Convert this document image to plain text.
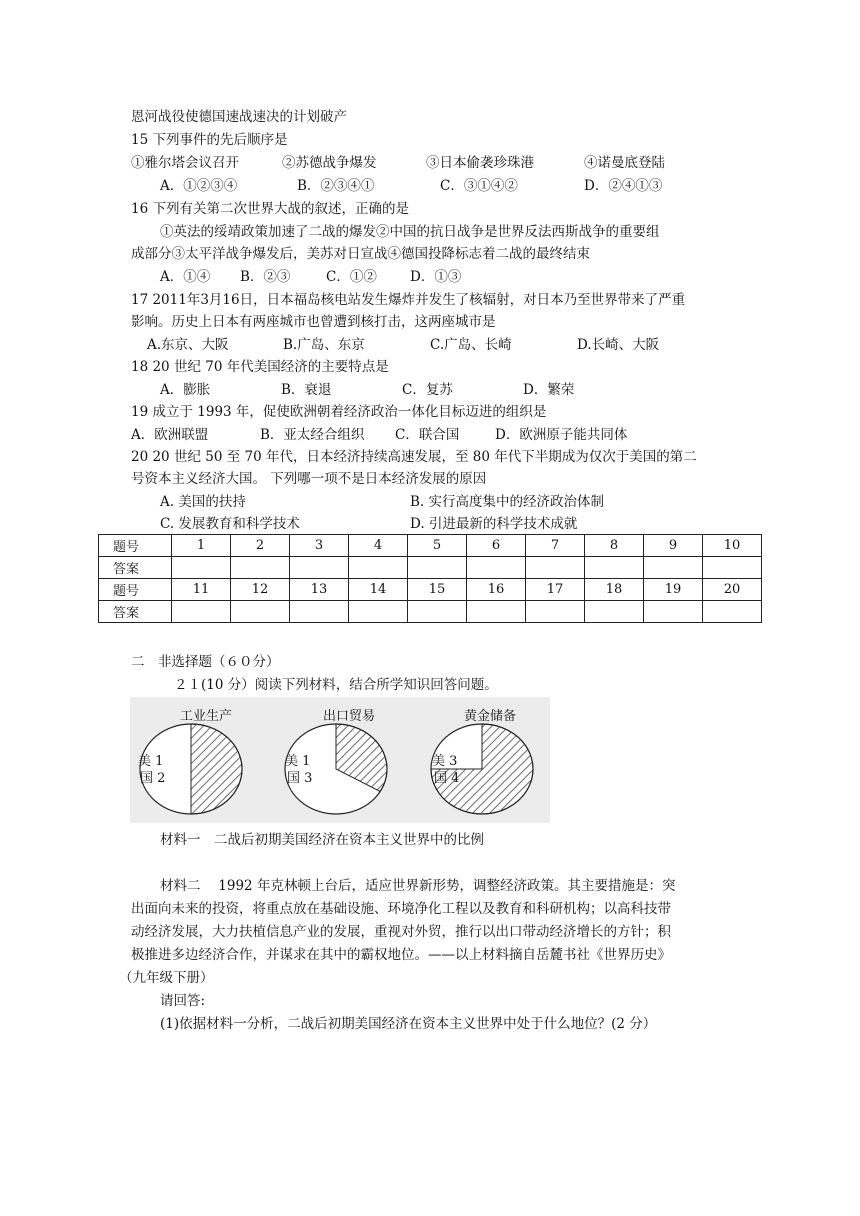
恩河战役使德国速战速决的计划破产
15 下列事件的先后顺序是
①雅尔塔会议召开	②苏德战争爆发	③日本偷袭珍珠港	④诺曼底登陆
A．①②③④	B．②③④①	C．③①④②	D．②④①③
16 下列有关第二次世界大战的叙述，正确的是
①英法的绥靖政策加速了二战的爆发②中国的抗日战争是世界反法西斯战争的重要组
成部分③太平洋战争爆发后，美苏对日宣战④德国投降标志着二战的最终结束
A．①④ B．②③	C．①② D．①③
17 2011年3月16日，日本福岛核电站发生爆炸并发生了核辐射，对日本乃至世界带来了严重
影响。历史上日本有两座城市也曾遭到核打击，这两座城市是
A.东京、大阪	B.广岛、东京	C.广岛、长崎	D.长崎、大阪
18 20 世纪 70 年代美国经济的主要特点是
A．膨胀	B．衰退	C．复苏	D．繁荣
19 成立于 1993 年，促使欧洲朝着经济政治一体化目标迈进的组织是
A．欧洲联盟	B．亚太经合组织 C．联合国	D．欧洲原子能共同体
20 20 世纪 50 至 70 年代，日本经济持续高速发展，至 80 年代下半期成为仅次于美国的第二
号资本主义经济大国。 下列哪一项不是日本经济发展的原因
A. 美国的扶持	B. 实行高度集中的经济政治体制
C. 发展教育和科学技术	D. 引进最新的科学技术成就
题号	1	2	3	4	5	6	7	8	9	10
答案										
题号	11	12	13	14	15	16	17	18	19	20
答案										
二　非选择题（６０分）
２１(10 分）阅读下列材料，结合所学知识回答问题。
工业生产	出口贸易	黄金储备
美 1
国 2
美 1
国 3
美 3
国 4
材料一　二战后初期美国经济在资本主义世界中的比例
材料二　 1992 年克林顿上台后，适应世界新形势，调整经济政策。其主要措施是：突
出面向未来的投资，将重点放在基础设施、环境净化工程以及教育和科研机构；以高科技带
动经济发展，大力扶植信息产业的发展，重视对外贸，推行以出口带动经济增长的方针；积
极推进多边经济合作，并谋求在其中的霸权地位。——以上材料摘自岳麓书社《世界历史》
（九年级下册）
请回答:
(1)依据材料一分析，二战后初期美国经济在资本主义世界中处于什么地位？(2 分）
